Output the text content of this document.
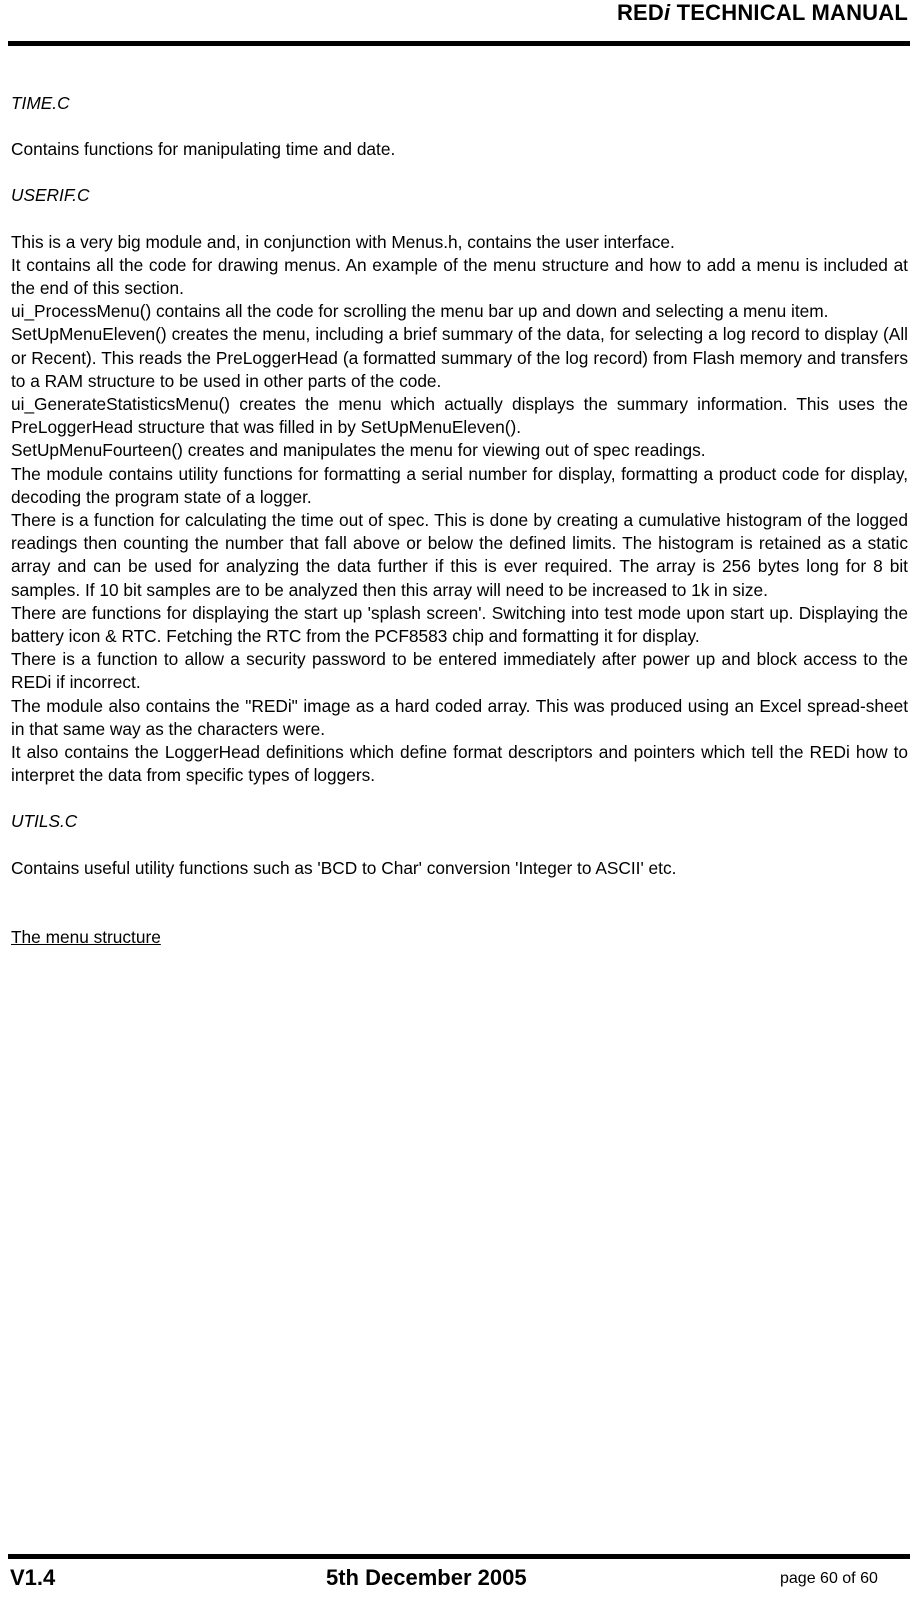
REDi TECHNICAL MANUAL

TIME.C

Contains functions for manipulating time and date.

USERIF.C

This is a very big module and, in conjunction with Menus.h, contains the user interface.

It contains all the code for drawing menus. An example of the menu structure and how to add a menu is included at the end of this section.

ui_ProcessMenu() contains all the code for scrolling the menu bar up and down and selecting a menu item.

SetUpMenuEleven() creates the menu, including a brief summary of the data, for selecting a log record to display (All or Recent). This reads the PreLoggerHead (a formatted summary of the log record) from Flash memory and transfers to a RAM structure to be used in other parts of the code.

ui_GenerateStatisticsMenu() creates the menu which actually displays the summary information. This uses the PreLoggerHead structure that was filled in by SetUpMenuEleven().

SetUpMenuFourteen() creates and manipulates the menu for viewing out of spec readings.

The module contains utility functions for formatting a serial number for display, formatting a product code for display, decoding the program state of a logger.

There is a function for calculating the time out of spec. This is done by creating a cumulative histogram of the logged readings then counting the number that fall above or below the defined limits. The histogram is retained as a static array and can be used for analyzing the data further if this is ever required. The array is 256 bytes long for 8 bit samples. If 10 bit samples are to be analyzed then this array will need to be increased to 1k in size.

There are functions for displaying the start up 'splash screen'. Switching into test mode upon start up. Displaying the battery icon & RTC. Fetching the RTC from the PCF8583 chip and formatting it for display.

There is a function to allow a security password to be entered immediately after power up and block access to the REDi if incorrect.

The module also contains the "REDi" image as a hard coded array. This was produced using an Excel spread-sheet in that same way as the characters were.

It also contains the LoggerHead definitions which define format descriptors and pointers which tell the REDi how to interpret the data from specific types of loggers.

UTILS.C

Contains useful utility functions such as 'BCD to Char' conversion 'Integer to ASCII' etc.

The menu structure

V1.4	5th December 2005	page 60 of 60
